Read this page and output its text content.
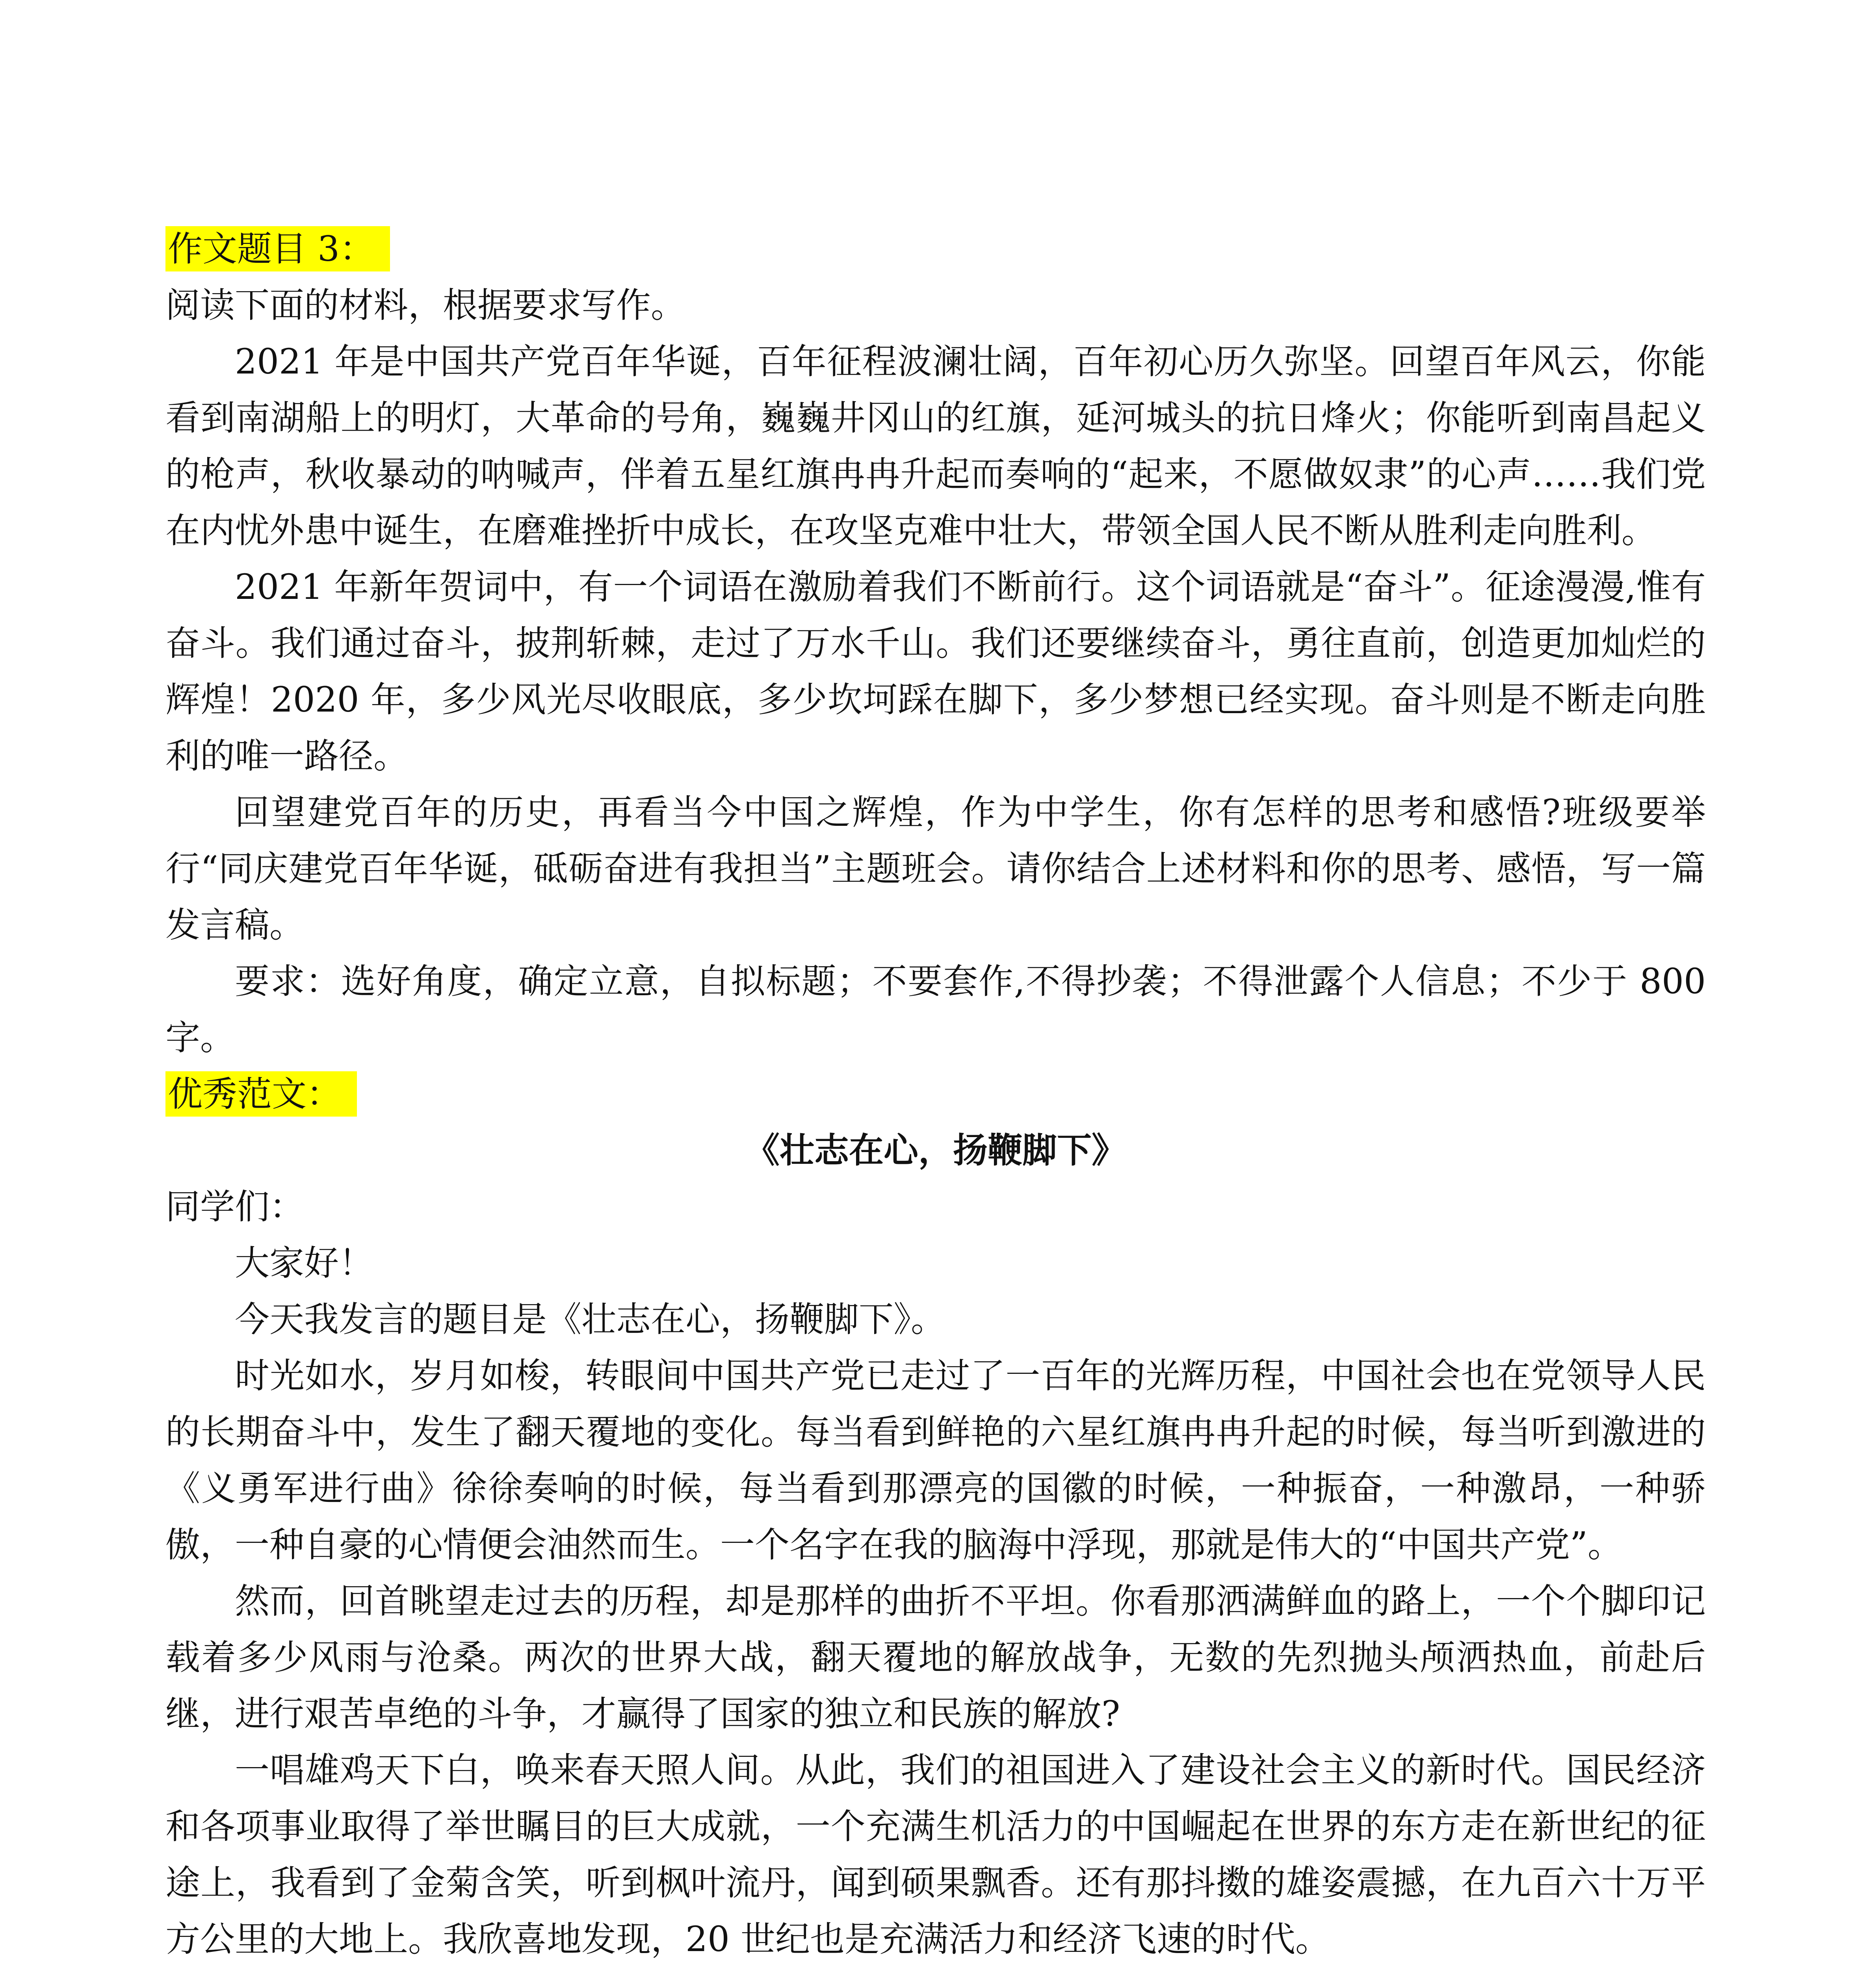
作文题目 3：

阅读下面的材料，根据要求写作。

2021 年是中国共产党百年华诞，百年征程波澜壮阔，百年初心历久弥坚。回望百年风云，你能看到南湖船上的明灯，大革命的号角，巍巍井冈山的红旗，延河城头的抗日烽火；你能听到南昌起义的枪声，秋收暴动的呐喊声，伴着五星红旗冉冉升起而奏响的“起来，不愿做奴隶”的心声……我们党在内忧外患中诞生，在磨难挫折中成长，在攻坚克难中壮大，带领全国人民不断从胜利走向胜利。

2021 年新年贺词中，有一个词语在激励着我们不断前行。这个词语就是“奋斗”。征途漫漫,惟有奋斗。我们通过奋斗，披荆斩棘，走过了万水千山。我们还要继续奋斗，勇往直前，创造更加灿烂的辉煌！2020 年，多少风光尽收眼底，多少坎坷踩在脚下，多少梦想已经实现。奋斗则是不断走向胜利的唯一路径。

回望建党百年的历史，再看当今中国之辉煌，作为中学生，你有怎样的思考和感悟?班级要举行“同庆建党百年华诞，砥砺奋进有我担当”主题班会。请你结合上述材料和你的思考、感悟，写一篇发言稿。

要求：选好角度，确定立意，自拟标题；不要套作,不得抄袭；不得泄露个人信息；不少于 800 字。

优秀范文：

《壮志在心，扬鞭脚下》

同学们：

大家好！

今天我发言的题目是《壮志在心，扬鞭脚下》。

时光如水，岁月如梭，转眼间中国共产党已走过了一百年的光辉历程，中国社会也在党领导人民的长期奋斗中，发生了翻天覆地的变化。每当看到鲜艳的六星红旗冉冉升起的时候，每当听到激进的《义勇军进行曲》徐徐奏响的时候，每当看到那漂亮的国徽的时候，一种振奋，一种激昂，一种骄傲，一种自豪的心情便会油然而生。一个名字在我的脑海中浮现，那就是伟大的“中国共产党”。

然而，回首眺望走过去的历程，却是那样的曲折不平坦。你看那洒满鲜血的路上，一个个脚印记载着多少风雨与沧桑。两次的世界大战，翻天覆地的解放战争，无数的先烈抛头颅洒热血，前赴后继，进行艰苦卓绝的斗争，才赢得了国家的独立和民族的解放?

一唱雄鸡天下白，唤来春天照人间。从此，我们的祖国进入了建设社会主义的新时代。国民经济和各项事业取得了举世瞩目的巨大成就，一个充满生机活力的中国崛起在世界的东方走在新世纪的征途上，我看到了金菊含笑，听到枫叶流丹，闻到硕果飘香。还有那抖擞的雄姿震撼，在九百六十万平方公里的大地上。我欣喜地发现，20 世纪也是充满活力和经济飞速的时代。
